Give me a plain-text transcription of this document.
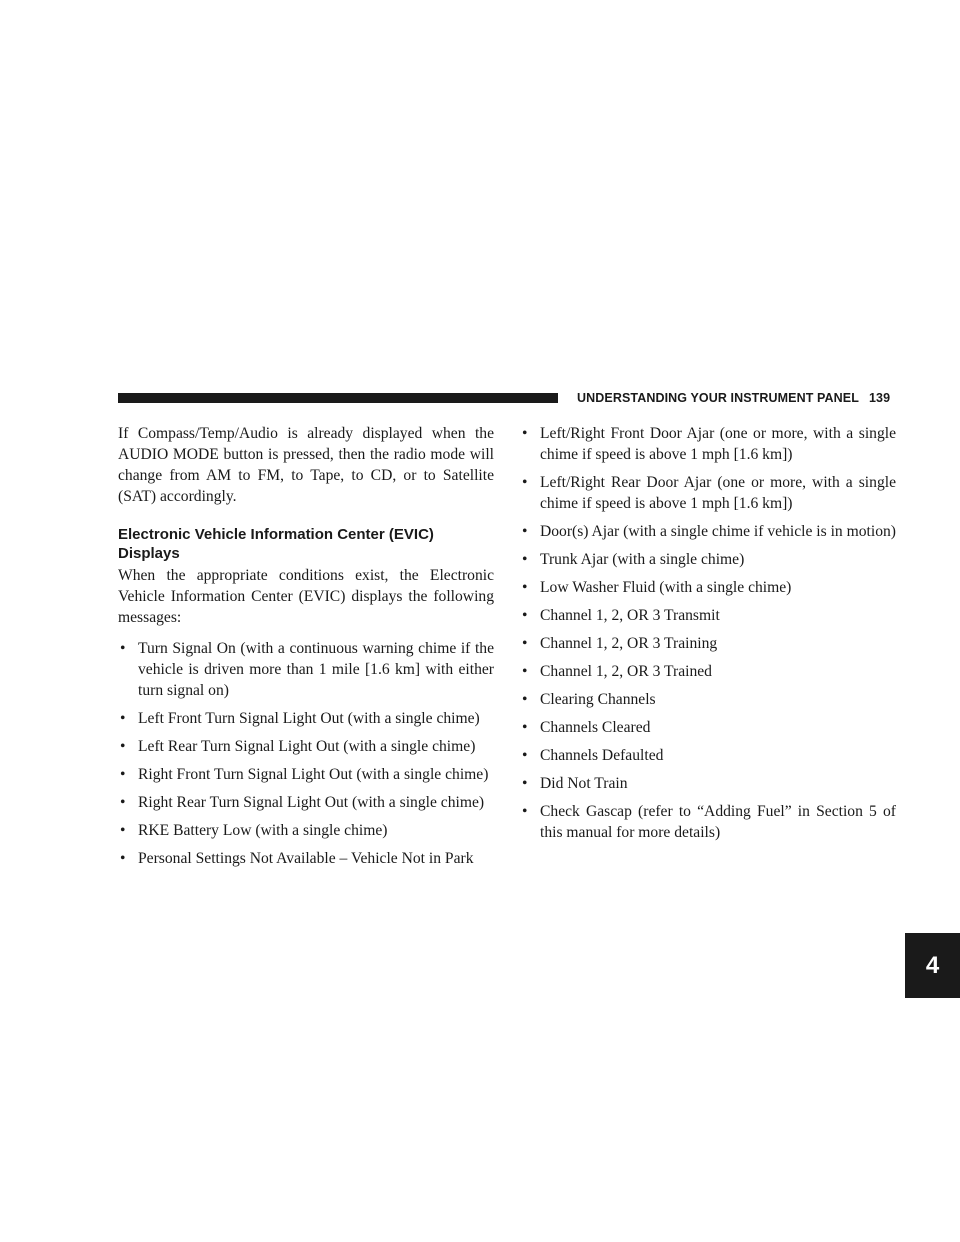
UNDERSTANDING YOUR INSTRUMENT PANEL 139
4

If Compass/Temp/Audio is already displayed when the AUDIO MODE button is pressed, then the radio mode will change from AM to FM, to Tape, to CD, or to Satellite (SAT) accordingly.

Electronic Vehicle Information Center (EVIC) Displays

When the appropriate conditions exist, the Electronic Vehicle Information Center (EVIC) displays the following messages:

• Turn Signal On (with a continuous warning chime if the vehicle is driven more than 1 mile [1.6 km] with either turn signal on)
• Left Front Turn Signal Light Out (with a single chime)
• Left Rear Turn Signal Light Out (with a single chime)
• Right Front Turn Signal Light Out (with a single chime)
• Right Rear Turn Signal Light Out (with a single chime)
• RKE Battery Low (with a single chime)
• Personal Settings Not Available – Vehicle Not in Park
• Left/Right Front Door Ajar (one or more, with a single chime if speed is above 1 mph [1.6 km])
• Left/Right Rear Door Ajar (one or more, with a single chime if speed is above 1 mph [1.6 km])
• Door(s) Ajar (with a single chime if vehicle is in motion)
• Trunk Ajar (with a single chime)
• Low Washer Fluid (with a single chime)
• Channel 1, 2, OR 3 Transmit
• Channel 1, 2, OR 3 Training
• Channel 1, 2, OR 3 Trained
• Clearing Channels
• Channels Cleared
• Channels Defaulted
• Did Not Train
• Check Gascap (refer to “Adding Fuel” in Section 5 of this manual for more details)
